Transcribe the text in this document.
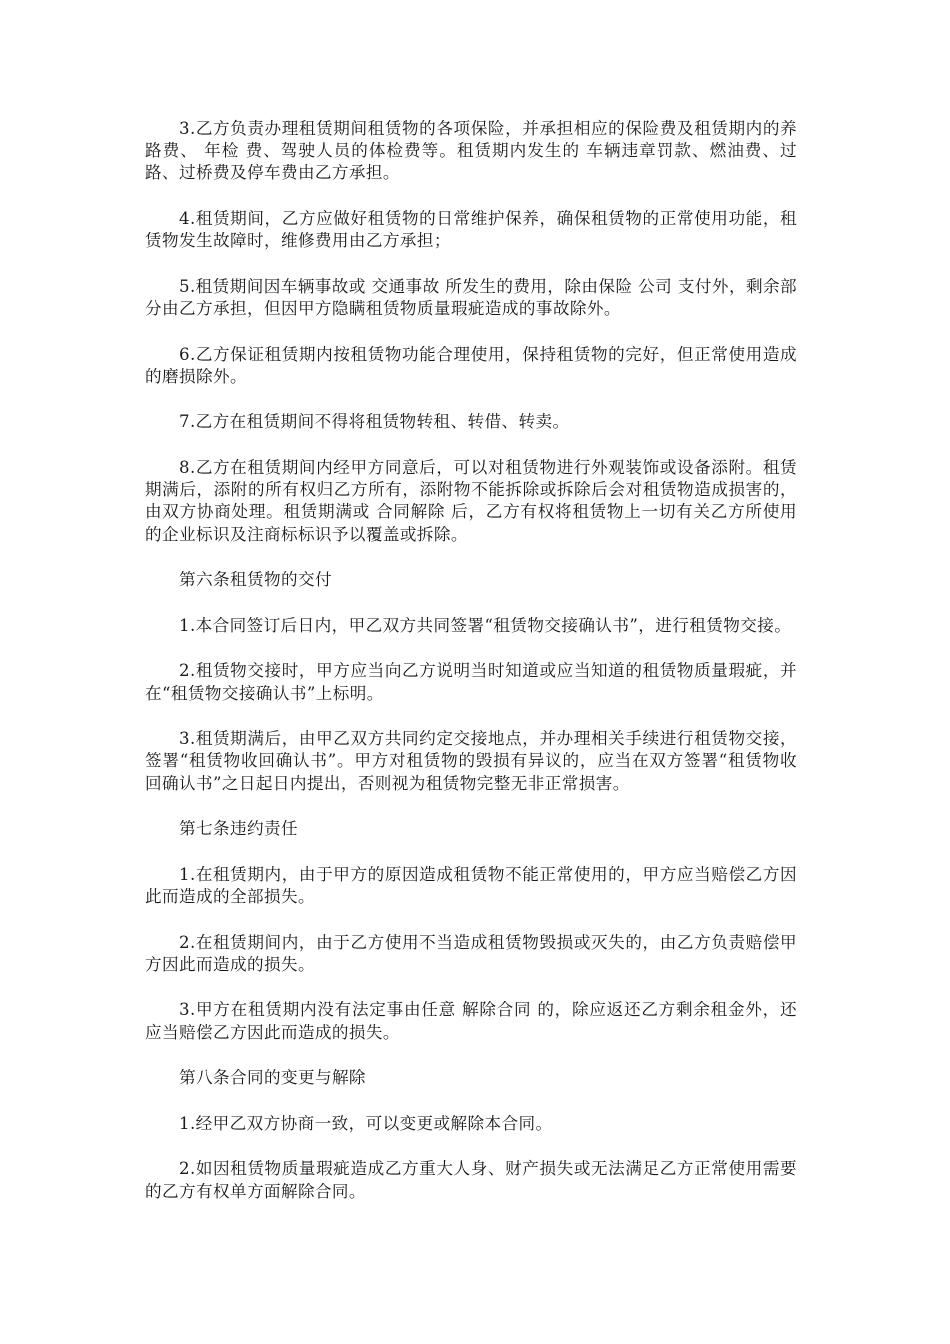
3.乙方负责办理租赁期间租赁物的各项保险，并承担相应的保险费及租赁期内的养路费、 年检 费、驾驶人员的体检费等。租赁期内发生的 车辆违章罚款、燃油费、过路、过桥费及停车费由乙方承担。

4.租赁期间，乙方应做好租赁物的日常维护保养，确保租赁物的正常使用功能，租赁物发生故障时，维修费用由乙方承担；

5.租赁期间因车辆事故或 交通事故 所发生的费用，除由保险 公司 支付外，剩余部分由乙方承担，但因甲方隐瞒租赁物质量瑕疵造成的事故除外。

6.乙方保证租赁期内按租赁物功能合理使用，保持租赁物的完好，但正常使用造成的磨损除外。

7.乙方在租赁期间不得将租赁物转租、转借、转卖。

8.乙方在租赁期间内经甲方同意后，可以对租赁物进行外观装饰或设备添附。租赁期满后，添附的所有权归乙方所有，添附物不能拆除或拆除后会对租赁物造成损害的，由双方协商处理。租赁期满或 合同解除 后，乙方有权将租赁物上一切有关乙方所使用的企业标识及注商标标识予以覆盖或拆除。

第六条租赁物的交付

1.本合同签订后日内，甲乙双方共同签署“租赁物交接确认书”，进行租赁物交接。

2.租赁物交接时，甲方应当向乙方说明当时知道或应当知道的租赁物质量瑕疵，并在“租赁物交接确认书”上标明。

3.租赁期满后，由甲乙双方共同约定交接地点，并办理相关手续进行租赁物交接，签署“租赁物收回确认书”。甲方对租赁物的毁损有异议的，应当在双方签署“租赁物收回确认书”之日起日内提出，否则视为租赁物完整无非正常损害。

第七条违约责任

1.在租赁期内，由于甲方的原因造成租赁物不能正常使用的，甲方应当赔偿乙方因此而造成的全部损失。

2.在租赁期间内，由于乙方使用不当造成租赁物毁损或灭失的，由乙方负责赔偿甲方因此而造成的损失。

3.甲方在租赁期内没有法定事由任意 解除合同 的，除应返还乙方剩余租金外，还应当赔偿乙方因此而造成的损失。

第八条合同的变更与解除

1.经甲乙双方协商一致，可以变更或解除本合同。

2.如因租赁物质量瑕疵造成乙方重大人身、财产损失或无法满足乙方正常使用需要的乙方有权单方面解除合同。
